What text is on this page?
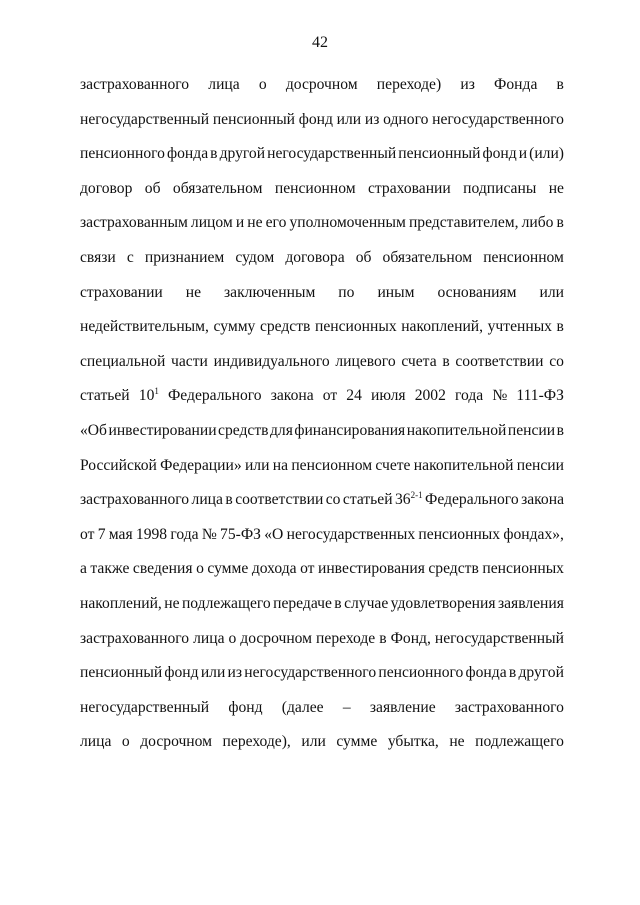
42
застрахованного лица о досрочном переходе) из Фонда в
негосударственный пенсионный фонд или из одного негосударственного
пенсионного фонда в другой негосударственный пенсионный фонд и (или)
договор об обязательном пенсионном страховании подписаны не
застрахованным лицом и не его уполномоченным представителем, либо в
связи с признанием судом договора об обязательном пенсионном
страховании не заключенным по иным основаниям или
недействительным, сумму средств пенсионных накоплений, учтенных в
специальной части индивидуального лицевого счета в соответствии со
статьей $10^1$ Федерального закона от 24 июля 2002 года № 111-ФЗ
«Об инвестировании средств для финансирования накопительной пенсии в
Российской Федерации» или на пенсионном счете накопительной пенсии
застрахованного лица в соответствии со статьей 36$^{2-1}$ Федерального закона
от 7 мая 1998 года № 75-ФЗ «О негосударственных пенсионных фондах»,
а также сведения о сумме дохода от инвестирования средств пенсионных
накоплений, не подлежащего передаче в случае удовлетворения заявления
застрахованного лица о досрочном переходе в Фонд, негосударственный
пенсионный фонд или из негосударственного пенсионного фонда в другой
негосударственный фонд (далее – заявление застрахованного
лица о досрочном переходе), или сумме убытка, не подлежащего
